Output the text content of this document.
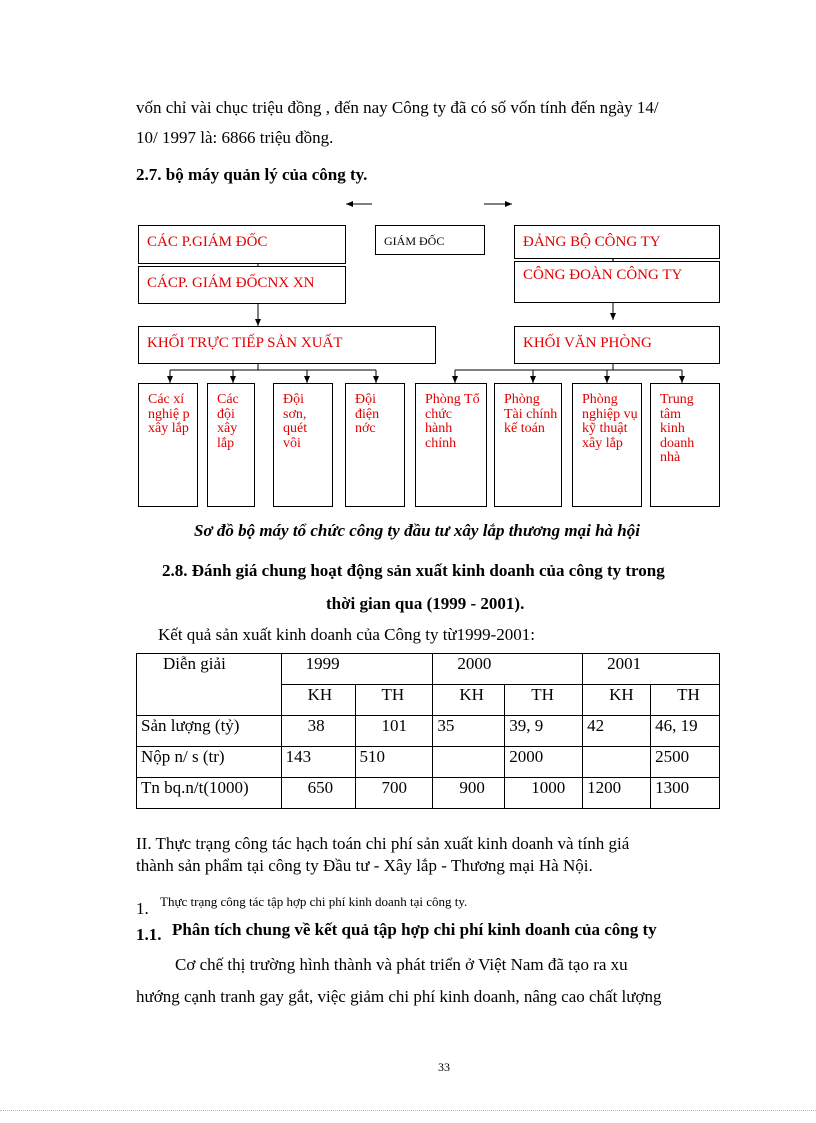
vốn chỉ vài chục triệu đồng , đến nay Công ty đã có số vốn tính đến ngày 14/
10/ 1997 là: 6866 triệu đồng.
2.7. bộ máy quản lý của công ty.
GIÁM ĐỐC
CÁC P.GIÁM ĐỐC
CÁCP. GIÁM ĐỐCNX XN
KHỐI TRỰC TIẾP SẢN XUẤT
ĐẢNG BỘ CÔNG TY
CÔNG ĐOÀN CÔNG TY
KHỐI VĂN PHÒNG
Các xí nghiệ p xây lắp
Các đội xây lắp
Đội sơn, quét vôi
Đội điện nớc
Phòng Tổ chức hành chính
Phòng Tài chính kế toán
Phòng nghiệp vụ kỹ thuật xây lắp
Trung tâm kinh doanh nhà
Sơ đồ bộ máy tổ chức công ty đầu tư xây lắp thương mại hà hội
2.8. Đánh giá chung hoạt động sản xuất kinh doanh của công ty trong
thời gian qua (1999 - 2001).
Kết quả sản xuất kinh doanh của Công ty từ1999-2001:
Diễn giải	1999		2000		2001	
	KH	TH	KH	TH	KH	TH
Sản lượng (tỷ)	38	101	35	39, 9	42	46, 19
Nộp n/ s (tr)	143	510		2000		2500
Tn bq.n/t(1000)	650	700	900	1000	1200	1300
II. Thực trạng công tác hạch toán chi phí sản xuất kinh doanh và tính giá
thành sản phẩm tại công ty Đầu tư - Xây lắp - Thương mại Hà Nội.
1. Thực trạng công tác tập hợp chi phí kinh doanh tại công ty.
1.1. Phân tích chung về kết quả tập hợp chi phí kinh doanh của công ty
Cơ chế thị trường hình thành và phát triển ở Việt Nam đã tạo ra xu
hướng cạnh tranh gay gắt, việc giảm chi phí kinh doanh, nâng cao chất lượng
33
